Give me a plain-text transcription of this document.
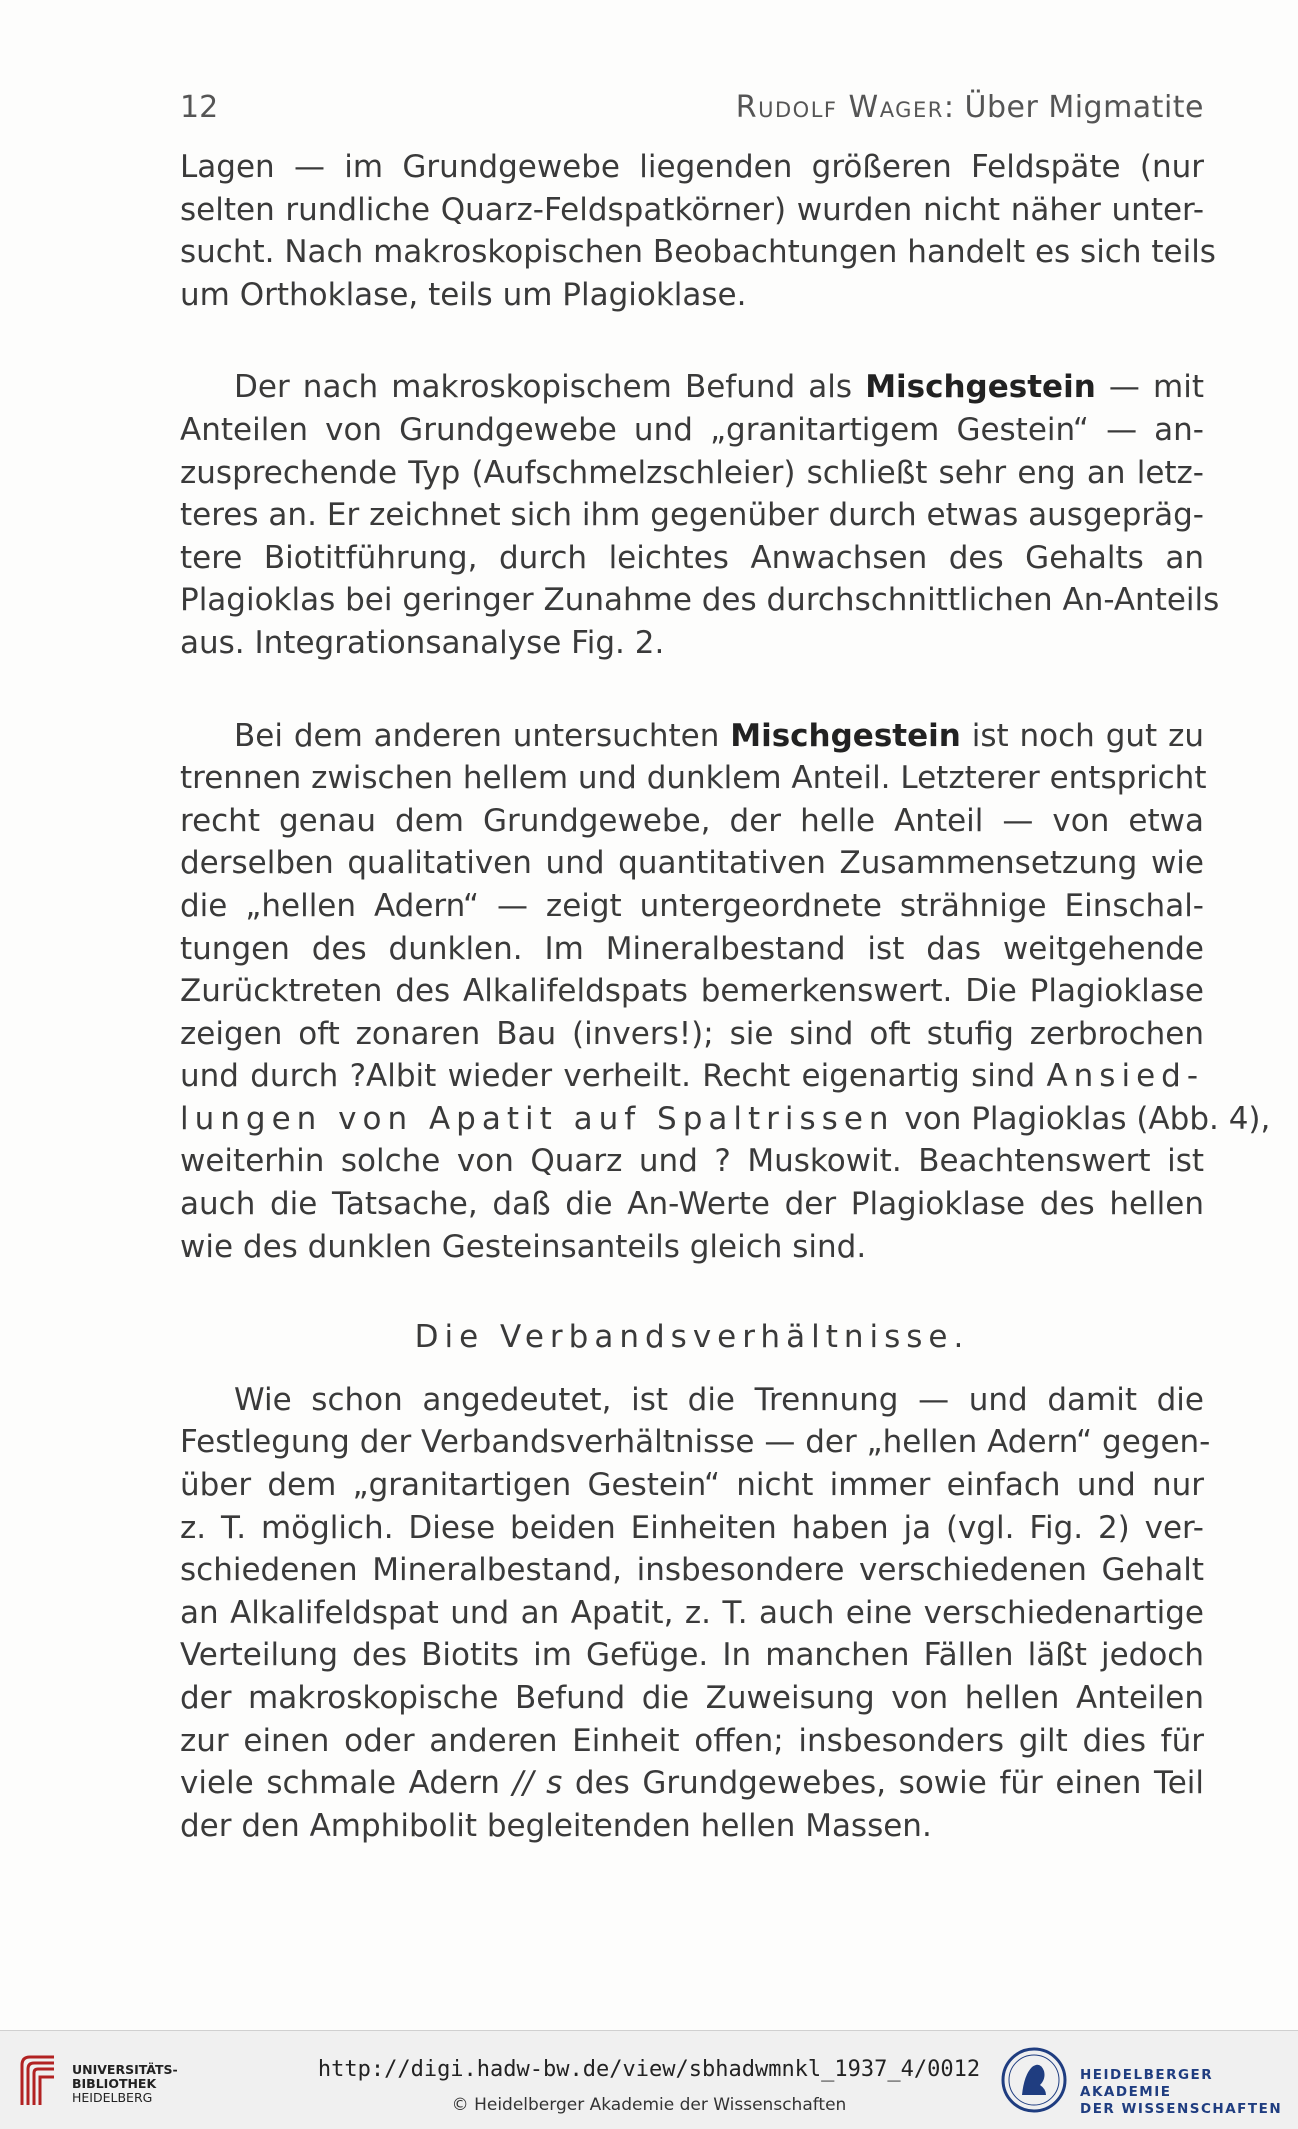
12	Rudolf Wager: Über Migmatite
Lagen — im Grundgewebe liegenden größeren Feldspäte (nur
selten rundliche Quarz-Feldspatkörner) wurden nicht näher unter-
sucht. Nach makroskopischen Beobachtungen handelt es sich teils
um Orthoklase, teils um Plagioklase.
Der nach makroskopischem Befund als Mischgestein — mit
Anteilen von Grundgewebe und „granitartigem Gestein“ — an-
zusprechende Typ (Aufschmelzschleier) schließt sehr eng an letz-
teres an. Er zeichnet sich ihm gegenüber durch etwas ausgepräg-
tere Biotitführung, durch leichtes Anwachsen des Gehalts an
Plagioklas bei geringer Zunahme des durchschnittlichen An-Anteils
aus. Integrationsanalyse Fig. 2.
Bei dem anderen untersuchten Mischgestein ist noch gut zu
trennen zwischen hellem und dunklem Anteil. Letzterer entspricht
recht genau dem Grundgewebe, der helle Anteil — von etwa
derselben qualitativen und quantitativen Zusammensetzung wie
die „hellen Adern“ — zeigt untergeordnete strähnige Einschal-
tungen des dunklen. Im Mineralbestand ist das weitgehende
Zurücktreten des Alkalifeldspats bemerkenswert. Die Plagioklase
zeigen oft zonaren Bau (invers!); sie sind oft stufig zerbrochen
und durch ?Albit wieder verheilt. Recht eigenartig sind Ansied-
lungen von Apatit auf Spaltrissen von Plagioklas (Abb. 4),
weiterhin solche von Quarz und ? Muskowit. Beachtenswert ist
auch die Tatsache, daß die An-Werte der Plagioklase des hellen
wie des dunklen Gesteinsanteils gleich sind.
Die Verbandsverhältnisse.
Wie schon angedeutet, ist die Trennung — und damit die
Festlegung der Verbandsverhältnisse — der „hellen Adern“ gegen-
über dem „granitartigen Gestein“ nicht immer einfach und nur
z. T. möglich. Diese beiden Einheiten haben ja (vgl. Fig. 2) ver-
schiedenen Mineralbestand, insbesondere verschiedenen Gehalt
an Alkalifeldspat und an Apatit, z. T. auch eine verschiedenartige
Verteilung des Biotits im Gefüge. In manchen Fällen läßt jedoch
der makroskopische Befund die Zuweisung von hellen Anteilen
zur einen oder anderen Einheit offen; insbesonders gilt dies für
viele schmale Adern // s des Grundgewebes, sowie für einen Teil
der den Amphibolit begleitenden hellen Massen.
UNIVERSITÄTS-
BIBLIOTHEK
HEIDELBERG
http://digi.hadw-bw.de/view/sbhadwmnkl_1937_4/0012
© Heidelberger Akademie der Wissenschaften
HEIDELBERGER AKADEMIE
DER WISSENSCHAFTEN
